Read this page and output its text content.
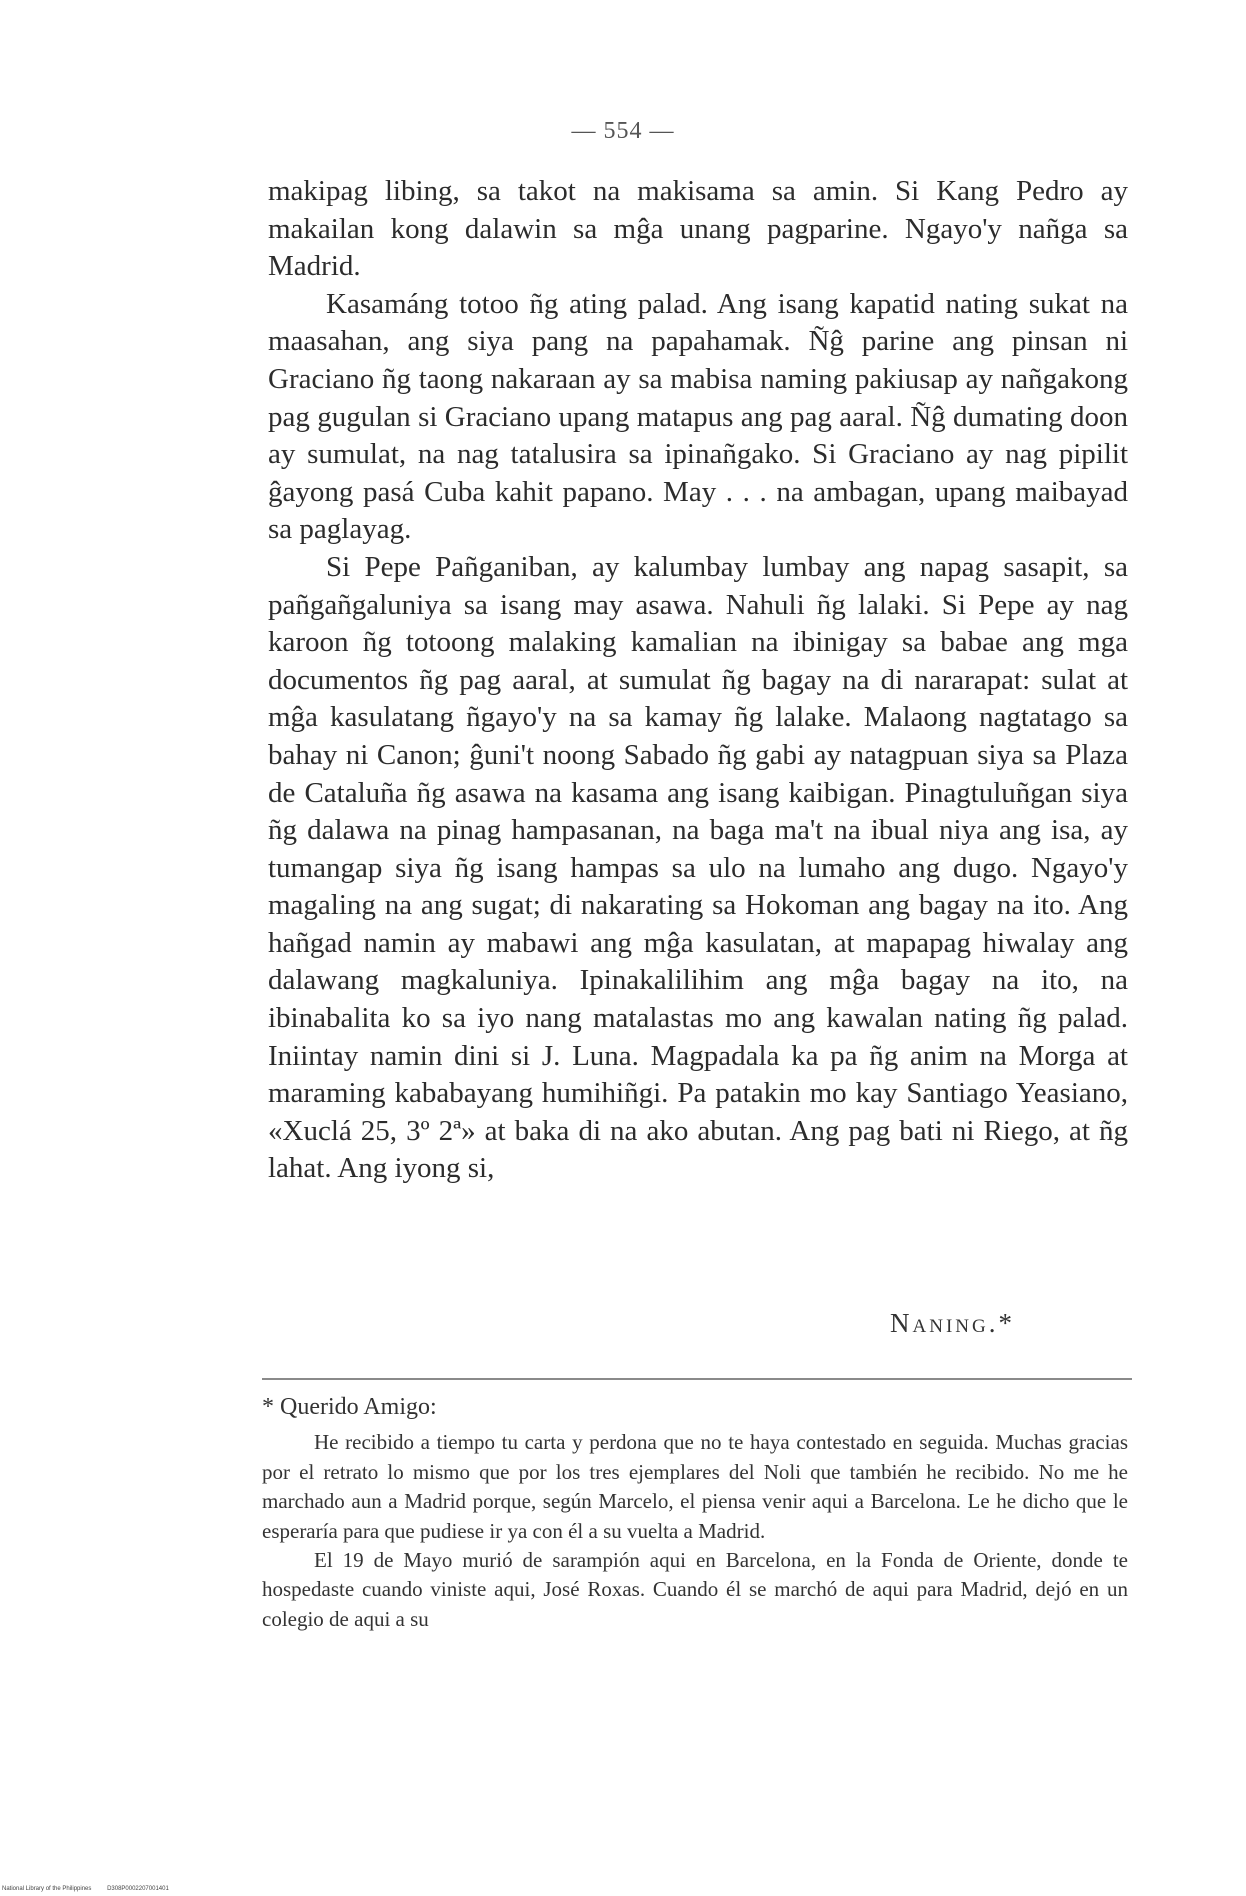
— 554 —

makipag libing, sa takot na makisama sa amin. Si Kang Pedro ay makailan kong dalawin sa mĝa unang pagparine. Ngayo'y nañga sa Madrid.

Kasamáng totoo ñg ating palad. Ang isang kapatid nating sukat na maasahan, ang siya pang na papahamak. Ñĝ parine ang pinsan ni Graciano ñg taong nakaraan ay sa mabisa naming pakiusap ay nañgakong pag gugulan si Graciano upang matapus ang pag aaral. Ñĝ dumating doon ay sumulat, na nag tatalusira sa ipinañgako. Si Graciano ay nag pipilit ĝayong pasá Cuba kahit papano. May . . . na ambagan, upang maibayad sa paglayag.

Si Pepe Pañganiban, ay kalumbay lumbay ang napag sasapit, sa pañgañgaluniya sa isang may asawa. Nahuli ñg lalaki. Si Pepe ay nag karoon ñg totoong malaking kamalian na ibinigay sa babae ang mga documentos ñg pag aaral, at sumulat ñg bagay na di nararapat: sulat at mĝa kasulatang ñgayo'y na sa kamay ñg lalake. Malaong nagtatago sa bahay ni Canon; ĝuni't noong Sabado ñg gabi ay natagpuan siya sa Plaza de Cataluña ñg asawa na kasama ang isang kaibigan. Pinagtuluñgan siya ñg dalawa na pinag hampasanan, na baga ma't na ibual niya ang isa, ay tumangap siya ñg isang hampas sa ulo na lumaho ang dugo. Ngayo'y magaling na ang sugat; di nakarating sa Hokoman ang bagay na ito. Ang hañgad namin ay mabawi ang mĝa kasulatan, at mapapag hiwalay ang dalawang magkaluniya. Ipinakalilihim ang mĝa bagay na ito, na ibinabalita ko sa iyo nang matalastas mo ang kawalan nating ñg palad. Iniintay namin dini si J. Luna. Magpadala ka pa ñg anim na Morga at maraming kababayang humihiñgi. Pa patakin mo kay Santiago Yeasiano, «Xuclá 25, 3º 2ª» at baka di na ako abutan. Ang pag bati ni Riego, at ñg lahat. Ang iyong si,

Naning.*

* Querido Amigo:

He recibido a tiempo tu carta y perdona que no te haya contestado en seguida. Muchas gracias por el retrato lo mismo que por los tres ejemplares del Noli que también he recibido. No me he marchado aun a Madrid porque, según Marcelo, el piensa venir aqui a Barcelona. Le he dicho que le esperaría para que pudiese ir ya con él a su vuelta a Madrid.

El 19 de Mayo murió de sarampión aqui en Barcelona, en la Fonda de Oriente, donde te hospedaste cuando viniste aqui, José Roxas. Cuando él se marchó de aqui para Madrid, dejó en un colegio de aqui a su

National Library of the Philippines	D308P0002207001401
